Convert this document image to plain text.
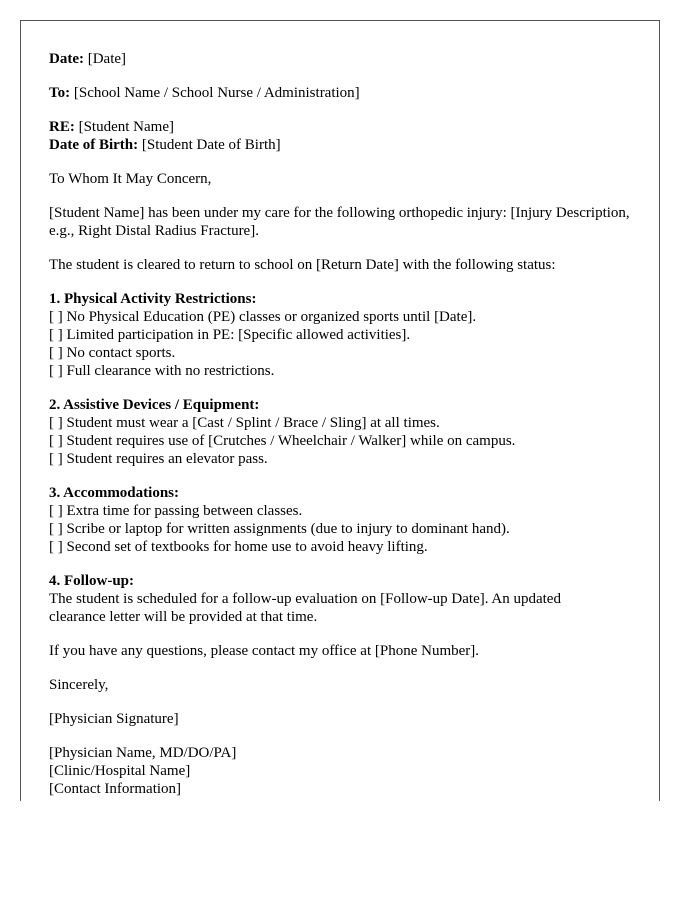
Date: [Date]
To: [School Name / School Nurse / Administration]
RE: [Student Name]
Date of Birth: [Student Date of Birth]
To Whom It May Concern,
[Student Name] has been under my care for the following orthopedic injury: [Injury Description, e.g., Right Distal Radius Fracture].
The student is cleared to return to school on [Return Date] with the following status:
1. Physical Activity Restrictions:
[ ] No Physical Education (PE) classes or organized sports until [Date].
[ ] Limited participation in PE: [Specific allowed activities].
[ ] No contact sports.
[ ] Full clearance with no restrictions.
2. Assistive Devices / Equipment:
[ ] Student must wear a [Cast / Splint / Brace / Sling] at all times.
[ ] Student requires use of [Crutches / Wheelchair / Walker] while on campus.
[ ] Student requires an elevator pass.
3. Accommodations:
[ ] Extra time for passing between classes.
[ ] Scribe or laptop for written assignments (due to injury to dominant hand).
[ ] Second set of textbooks for home use to avoid heavy lifting.
4. Follow-up:
The student is scheduled for a follow-up evaluation on [Follow-up Date]. An updated
clearance letter will be provided at that time.
If you have any questions, please contact my office at [Phone Number].
Sincerely,
[Physician Signature]
[Physician Name, MD/DO/PA]
[Clinic/Hospital Name]
[Contact Information]
